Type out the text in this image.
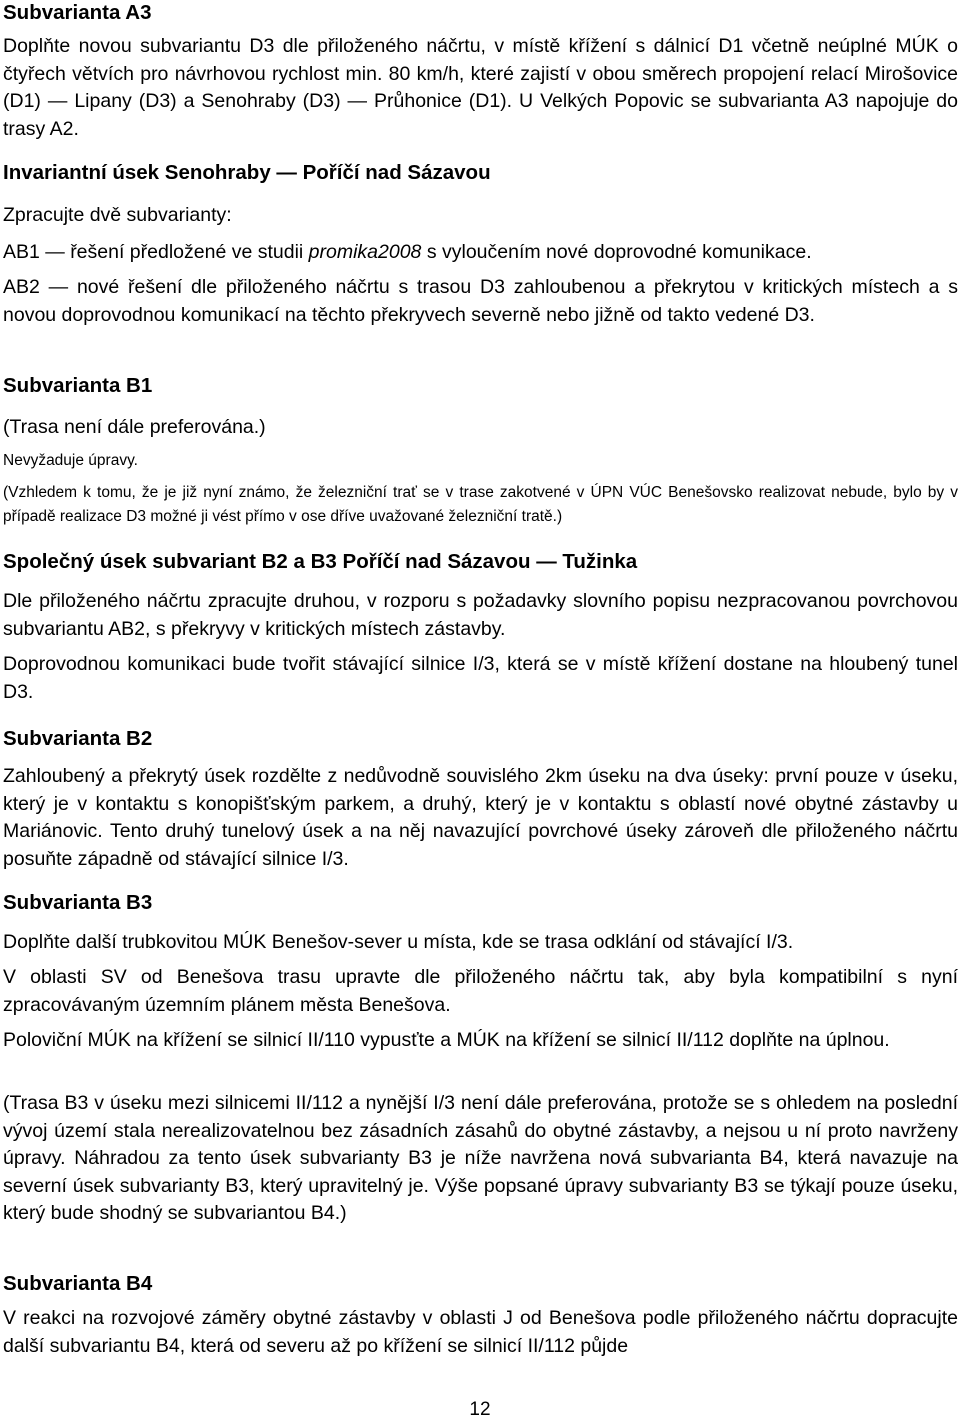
Subvarianta A3

Doplňte novou subvariantu D3 dle přiloženého náčrtu, v místě křížení s dálnicí D1 včetně neúplné MÚK o čtyřech větvích pro návrhovou rychlost min. 80 km/h, které zajistí v obou směrech propojení relací Mirošovice (D1) — Lipany (D3) a Senohraby (D3) — Průhonice (D1). U Velkých Popovic se subvarianta A3 napojuje do trasy A2.

Invariantní úsek Senohraby — Poříčí nad Sázavou

Zpracujte dvě subvarianty:

AB1 — řešení předložené ve studii promika2008 s vyloučením nové doprovodné komunikace.

AB2 — nové řešení dle přiloženého náčrtu s trasou D3 zahloubenou a překrytou v kritických místech a s novou doprovodnou komunikací na těchto překryvech severně nebo jižně od takto vedené D3.

Subvarianta B1

(Trasa není dále preferována.)

Nevyžaduje úpravy.

(Vzhledem k tomu, že je již nyní známo, že železniční trať se v trase zakotvené v ÚPN VÚC Benešovsko realizovat nebude, bylo by v případě realizace D3 možné ji vést přímo v ose dříve uvažované železniční tratě.)

Společný úsek subvariant B2 a B3 Poříčí nad Sázavou — Tužinka

Dle přiloženého náčrtu zpracujte druhou, v rozporu s požadavky slovního popisu nezpracovanou povrchovou subvariantu AB2, s překryvy v kritických místech zástavby.

Doprovodnou komunikaci bude tvořit stávající silnice I/3, která se v místě křížení dostane na hloubený tunel D3.

Subvarianta B2

Zahloubený a překrytý úsek rozdělte z nedůvodně souvislého 2km úseku na dva úseky: první pouze v úseku, který je v kontaktu s konopišťským parkem, a druhý, který je v kontaktu s oblastí nové obytné zástavby u Mariánovic. Tento druhý tunelový úsek a na něj navazující povrchové úseky zároveň dle přiloženého náčrtu posuňte západně od stávající silnice I/3.

Subvarianta B3

Doplňte další trubkovitou MÚK Benešov-sever u místa, kde se trasa odklání od stávající I/3.

V oblasti SV od Benešova trasu upravte dle přiloženého náčrtu tak, aby byla kompatibilní s nyní zpracovávaným územním plánem města Benešova.

Poloviční MÚK na křížení se silnicí II/110 vypusťte a MÚK na křížení se silnicí II/112 doplňte na úplnou.

(Trasa B3 v úseku mezi silnicemi II/112 a nynější I/3 není dále preferována, protože se s ohledem na poslední vývoj území stala nerealizovatelnou bez zásadních zásahů do obytné zástavby, a nejsou u ní proto navrženy úpravy. Náhradou za tento úsek subvarianty B3 je níže navržena nová subvarianta B4, která navazuje na severní úsek subvarianty B3, který upravitelný je. Výše popsané úpravy subvarianty B3 se týkají pouze úseku, který bude shodný se subvariantou B4.)

Subvarianta B4

V reakci na rozvojové záměry obytné zástavby v oblasti J od Benešova podle přiloženého náčrtu dopracujte další subvariantu B4, která od severu až po křížení se silnicí II/112 půjde

12
